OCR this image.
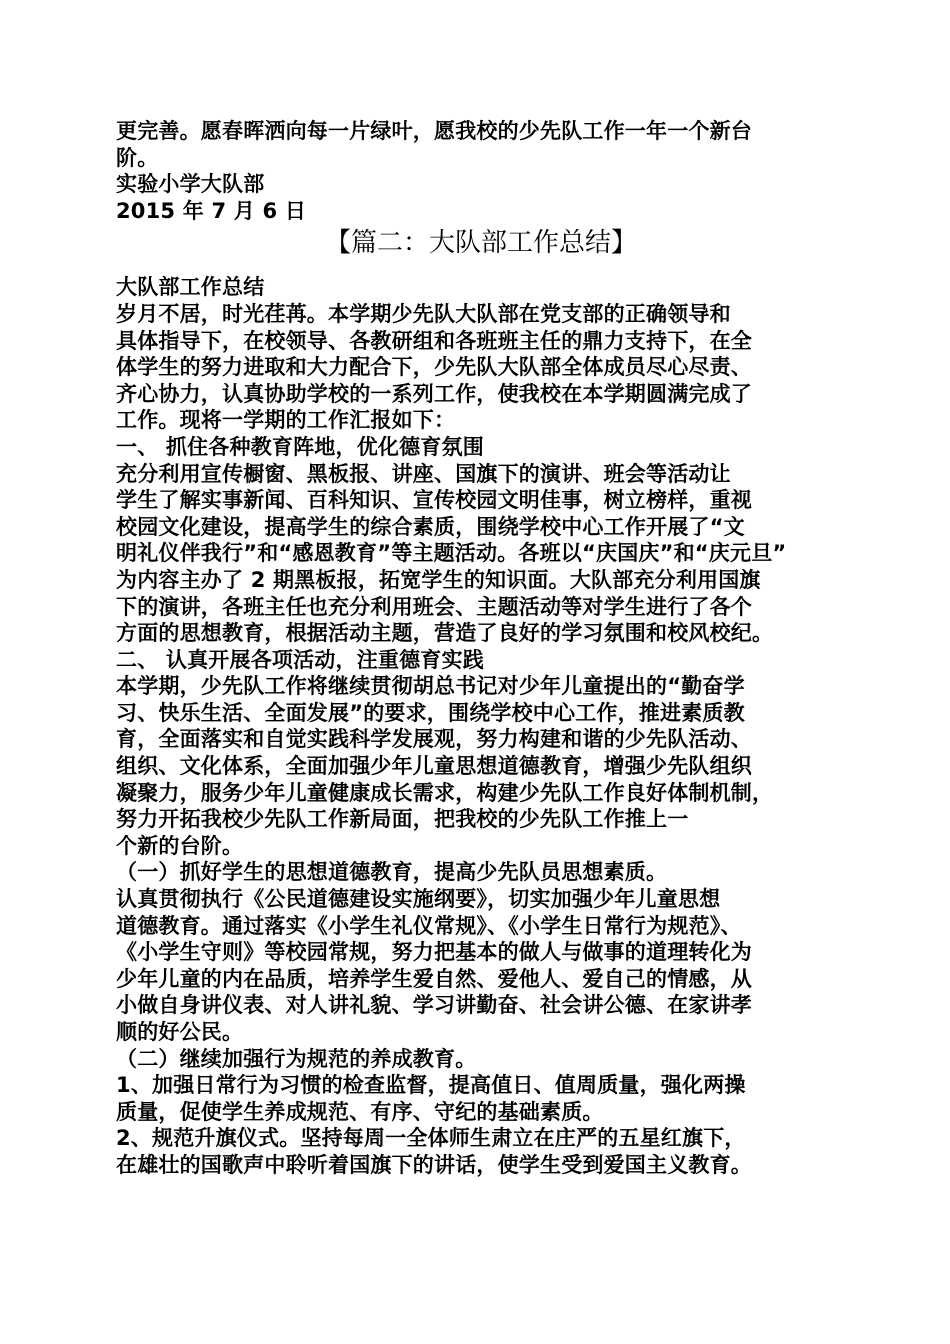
更完善。愿春晖洒向每一片绿叶，愿我校的少先队工作一年一个新台
阶。
实验小学大队部
2015 年 7 月 6 日
【篇二：大队部工作总结】
大队部工作总结
岁月不居，时光荏苒。本学期少先队大队部在党支部的正确领导和
具体指导下，在校领导、各教研组和各班班主任的鼎力支持下，在全
体学生的努力进取和大力配合下，少先队大队部全体成员尽心尽责、
齐心协力，认真协助学校的一系列工作，使我校在本学期圆满完成了
工作。现将一学期的工作汇报如下：
一、 抓住各种教育阵地，优化德育氛围
充分利用宣传橱窗、黑板报、讲座、国旗下的演讲、班会等活动让
学生了解实事新闻、百科知识、宣传校园文明佳事，树立榜样，重视
校园文化建设，提高学生的综合素质，围绕学校中心工作开展了“文
明礼仪伴我行”和“感恩教育”等主题活动。各班以“庆国庆”和“庆元旦”
为内容主办了 2 期黑板报，拓宽学生的知识面。大队部充分利用国旗
下的演讲，各班主任也充分利用班会、主题活动等对学生进行了各个
方面的思想教育，根据活动主题，营造了良好的学习氛围和校风校纪。
二、 认真开展各项活动，注重德育实践
本学期，少先队工作将继续贯彻胡总书记对少年儿童提出的“勤奋学
习、快乐生活、全面发展”的要求，围绕学校中心工作，推进素质教
育，全面落实和自觉实践科学发展观，努力构建和谐的少先队活动、
组织、文化体系，全面加强少年儿童思想道德教育，增强少先队组织
凝聚力，服务少年儿童健康成长需求，构建少先队工作良好体制机制，
努力开拓我校少先队工作新局面，把我校的少先队工作推上一
个新的台阶。
（一）抓好学生的思想道德教育，提高少先队员思想素质。
认真贯彻执行《公民道德建设实施纲要》，切实加强少年儿童思想
道德教育。通过落实《小学生礼仪常规》、《小学生日常行为规范》、
《小学生守则》等校园常规，努力把基本的做人与做事的道理转化为
少年儿童的内在品质，培养学生爱自然、爱他人、爱自己的情感，从
小做自身讲仪表、对人讲礼貌、学习讲勤奋、社会讲公德、在家讲孝
顺的好公民。
（二）继续加强行为规范的养成教育。
1、加强日常行为习惯的检查监督，提高值日、值周质量，强化两操
质量，促使学生养成规范、有序、守纪的基础素质。
2、规范升旗仪式。坚持每周一全体师生肃立在庄严的五星红旗下，
在雄壮的国歌声中聆听着国旗下的讲话，使学生受到爱国主义教育。
